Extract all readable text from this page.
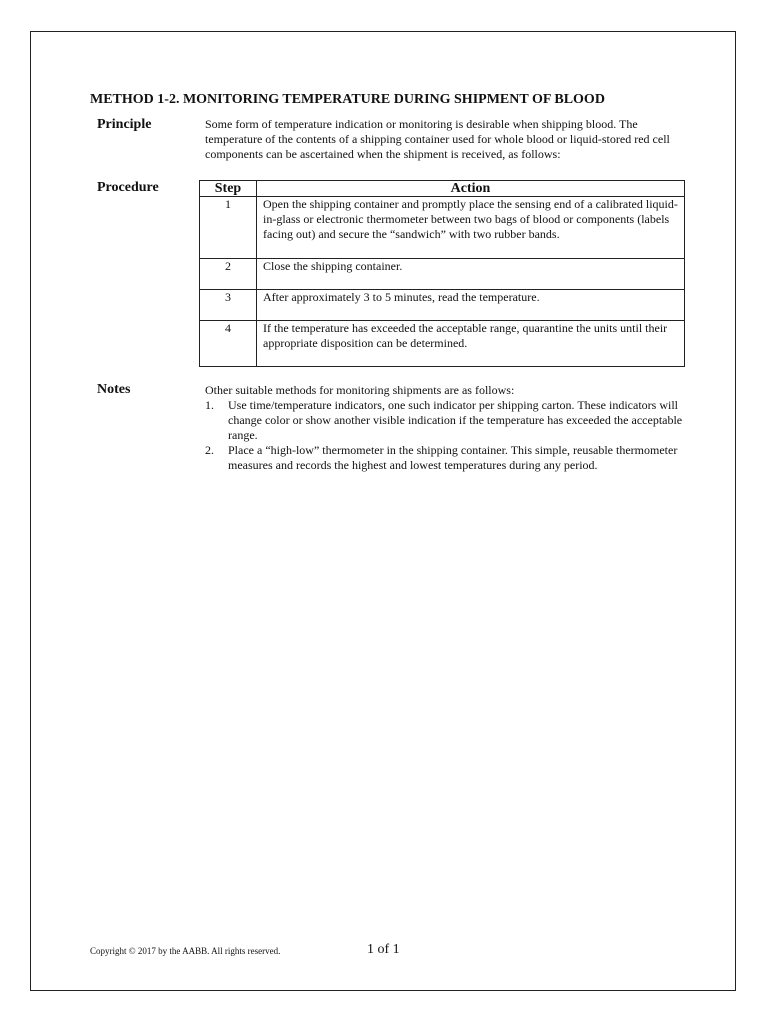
METHOD 1-2. MONITORING TEMPERATURE DURING SHIPMENT OF BLOOD
Principle	Some form of temperature indication or monitoring is desirable when shipping blood. The temperature of the contents of a shipping container used for whole blood or liquid-stored red cell components can be ascertained when the shipment is received, as follows:
Procedure	Step	Action
1	Open the shipping container and promptly place the sensing end of a calibrated liquid-in-glass or electronic thermometer between two bags of blood or components (labels facing out) and secure the “sandwich” with two rubber bands.
2	Close the shipping container.
3	After approximately 3 to 5 minutes, read the temperature.
4	If the temperature has exceeded the acceptable range, quarantine the units until their appropriate disposition can be determined.
Notes	Other suitable methods for monitoring shipments are as follows:
1. Use time/temperature indicators, one such indicator per shipping carton. These indicators will change color or show another visible indication if the temperature has exceeded the acceptable range.
2. Place a “high-low” thermometer in the shipping container. This simple, reusable thermometer measures and records the highest and lowest temperatures during any period.
Copyright © 2017 by the AABB. All rights reserved.	1 of 1
